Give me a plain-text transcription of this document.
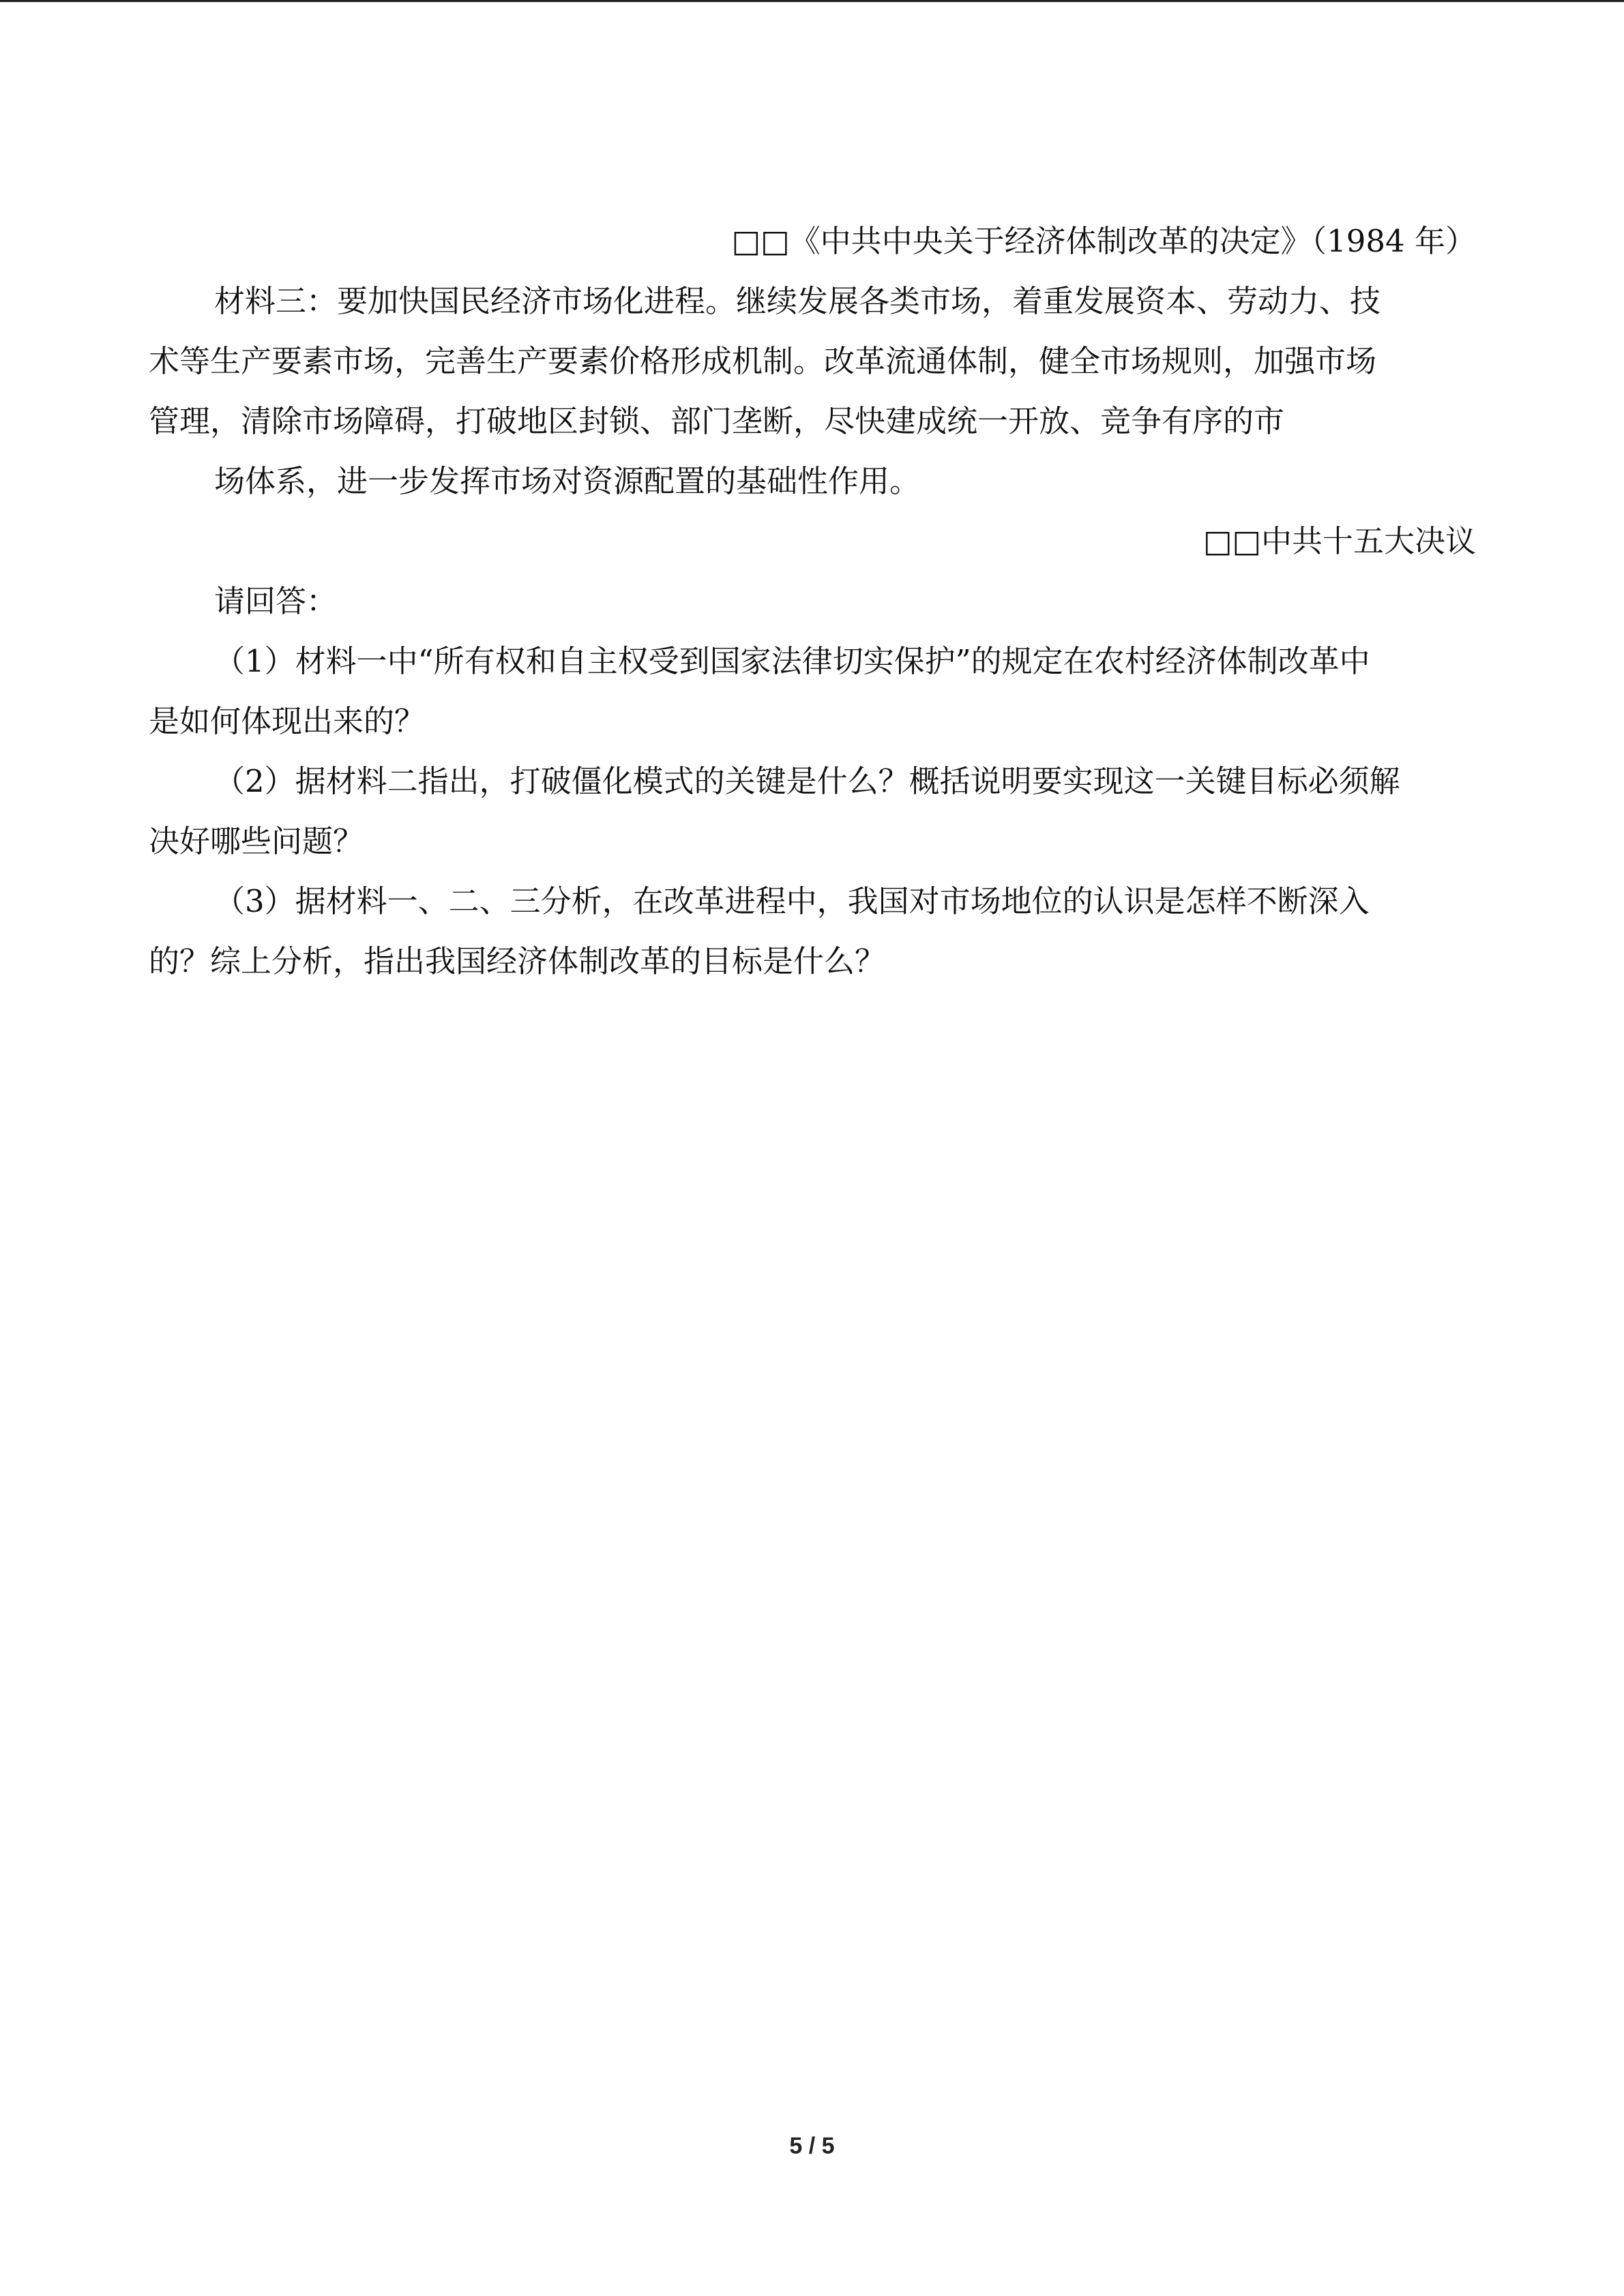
□□《中共中央关于经济体制改革的决定》（1984 年）
材料三：要加快国民经济市场化进程。继续发展各类市场，着重发展资本、劳动力、技
术等生产要素市场，完善生产要素价格形成机制。改革流通体制，健全市场规则，加强市场
管理，清除市场障碍，打破地区封锁、部门垄断，尽快建成统一开放、竞争有序的市
场体系，进一步发挥市场对资源配置的基础性作用。
□□中共十五大决议
请回答：
（1）材料一中“所有权和自主权受到国家法律切实保护”的规定在农村经济体制改革中
是如何体现出来的？
（2）据材料二指出，打破僵化模式的关键是什么？概括说明要实现这一关键目标必须解
决好哪些问题？
（3）据材料一、二、三分析，在改革进程中，我国对市场地位的认识是怎样不断深入
的？综上分析，指出我国经济体制改革的目标是什么？
5 / 5
